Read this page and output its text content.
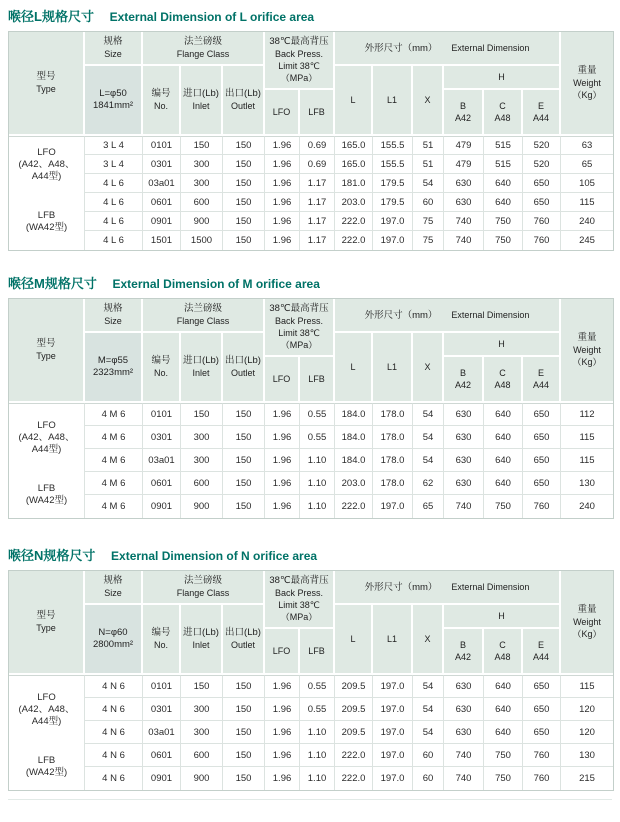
喉径L规格尺寸 External Dimension of L orifice area
型号
Type

规格
Size

法兰磅级
Flange Class

38℃最高背压
Back Press.
Limit 38℃
（MPa）
	外形尺寸（mm） External Dimension	
重量
Weight
（Kg）

L=φ50
1841mm²

编号
No.

进口(Lb)
Inlet

出口(Lb)
Outlet

L	L1	X

H

LFO	LFB

B
A42

C
A48

E
A44

LFO
(A42、A48、
A44型)	3 L 4	0101	150	150	1.96	0.69	165.0	155.5	51	479	515	520	63
	3 L 4	0301	300	150	1.96	0.69	165.0	155.5	51	479	515	520	65
	4 L 6	03a01	300	150	1.96	1.17	181.0	179.5	54	630	640	650	105

LFB
(WA42型)	4 L 6	0601	600	150	1.96	1.17	203.0	179.5	60	630	640	650	115
	4 L 6	0901	900	150	1.96	1.17	222.0	197.0	75	740	750	760	240
	4 L 6	1501	1500	150	1.96	1.17	222.0	197.0	75	740	750	760	245
喉径M规格尺寸 External Dimension of M orifice area
型号
Type

规格
Size

法兰磅级
Flange Class

38℃最高背压
Back Press.
Limit 38℃
（MPa）
	外形尺寸（mm） External Dimension	
重量
Weight
（Kg）

M=φ55
2323mm²

编号
No.

进口(Lb)
Inlet

出口(Lb)
Outlet

L	L1	X

H

LFO	LFB

B
A42

C
A48

E
A44

LFO
(A42、A48、
A44型)	4 M 6	0101	150	150	1.96	0.55	184.0	178.0	54	630	640	650	112
	4 M 6	0301	300	150	1.96	0.55	184.0	178.0	54	630	640	650	115
	4 M 6	03a01	300	150	1.96	1.10	184.0	178.0	54	630	640	650	115

LFB
(WA42型)	4 M 6	0601	600	150	1.96	1.10	203.0	178.0	62	630	640	650	130
	4 M 6	0901	900	150	1.96	1.10	222.0	197.0	65	740	750	760	240
喉径N规格尺寸 External Dimension of N orifice area
型号
Type

规格
Size

法兰磅级
Flange Class

38℃最高背压
Back Press.
Limit 38℃
（MPa）
	外形尺寸（mm） External Dimension	
重量
Weight
（Kg）

N=φ60
2800mm²

编号
No.

进口(Lb)
Inlet

出口(Lb)
Outlet

L	L1	X

H

LFO	LFB

B
A42

C
A48

E
A44

LFO
(A42、A48、
A44型)	4 N 6	0101	150	150	1.96	0.55	209.5	197.0	54	630	640	650	115
	4 N 6	0301	300	150	1.96	0.55	209.5	197.0	54	630	640	650	120
	4 N 6	03a01	300	150	1.96	1.10	209.5	197.0	54	630	640	650	120

LFB
(WA42型)	4 N 6	0601	600	150	1.96	1.10	222.0	197.0	60	740	750	760	130
	4 N 6	0901	900	150	1.96	1.10	222.0	197.0	60	740	750	760	215
